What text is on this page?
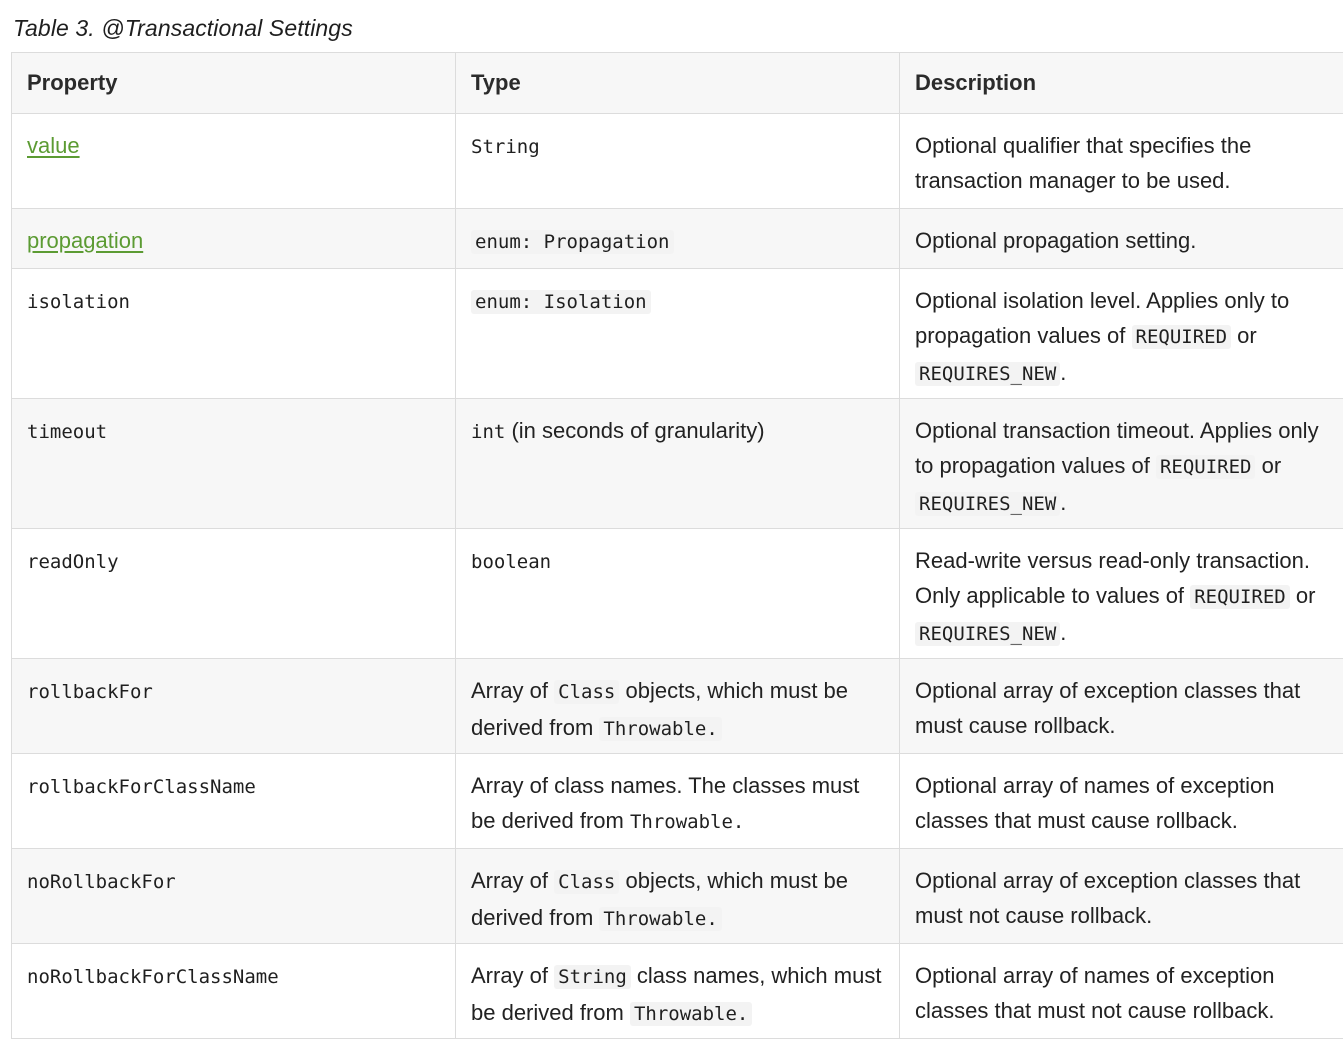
Table 3. @Transactional Settings
Property	Type	Description
value	String	Optional qualifier that specifies the transaction manager to be used.
propagation	enum: Propagation	Optional propagation setting.
isolation	enum: Isolation	Optional isolation level. Applies only to propagation values of REQUIRED or REQUIRES_NEW .
timeout	int (in seconds of granularity)	Optional transaction timeout. Applies only to propagation values of REQUIRED or REQUIRES_NEW .
readOnly	boolean	Read-write versus read-only transaction. Only applicable to values of REQUIRED or REQUIRES_NEW .
rollbackFor	Array of Class objects, which must be derived from Throwable.	Optional array of exception classes that must cause rollback.
rollbackForClassName	Array of class names. The classes must be derived from Throwable.	Optional array of names of exception classes that must cause rollback.
noRollbackFor	Array of Class objects, which must be derived from Throwable.	Optional array of exception classes that must not cause rollback.
noRollbackForClassName	Array of String class names, which must be derived from Throwable.	Optional array of names of exception classes that must not cause rollback.
